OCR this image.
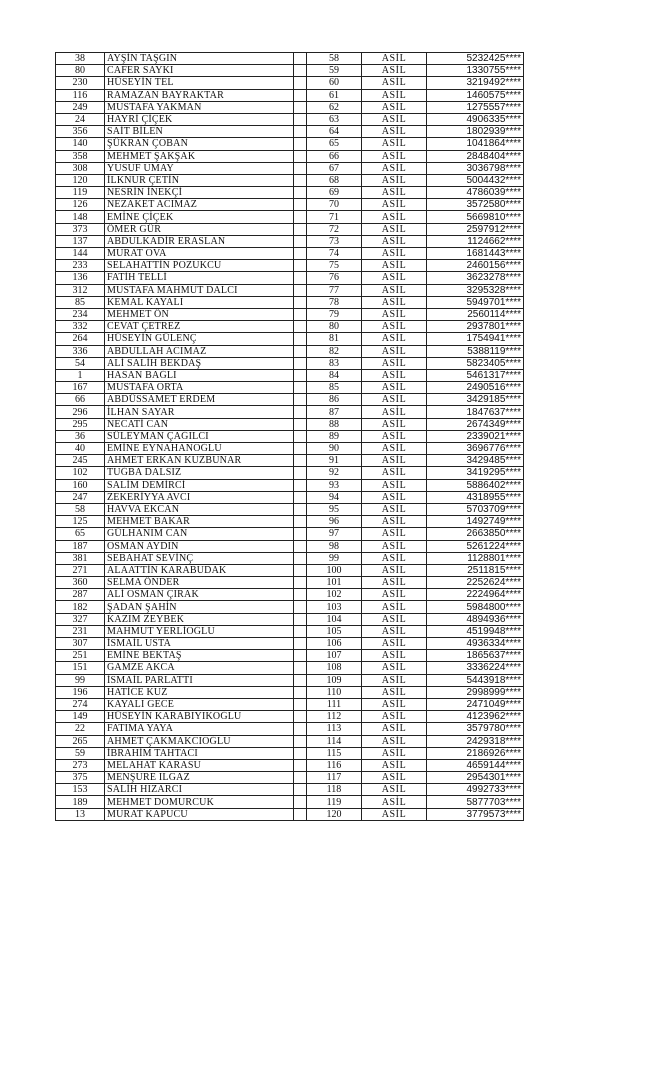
38	AYŞİN TAŞGIN		58	ASİL	5232425****
80	CAFER SAYKI		59	ASİL	1330755****
230	HÜSEYİN TEL		60	ASİL	3219492****
116	RAMAZAN BAYRAKTAR		61	ASİL	1460575****
249	MUSTAFA YAKMAN		62	ASİL	1275557****
24	HAYRİ ÇİÇEK		63	ASİL	4906335****
356	SAİT BİLEN		64	ASİL	1802939****
140	ŞÜKRAN ÇOBAN		65	ASİL	1041864****
358	MEHMET ŞAKŞAK		66	ASİL	2848404****
308	YUSUF UMAY		67	ASİL	3036798****
120	İLKNUR ÇETİN		68	ASİL	5004432****
119	NESRİN İNEKÇİ		69	ASİL	4786039****
126	NEZAKET ACIMAZ		70	ASİL	3572580****
148	EMİNE ÇİÇEK		71	ASİL	5669810****
373	ÖMER GÜR		72	ASİL	2597912****
137	ABDULKADİR ERASLAN		73	ASİL	1124662****
144	MURAT OVA		74	ASİL	1681443****
233	SELAHATTİN POZUKCU		75	ASİL	2460156****
136	FATİH TELLİ		76	ASİL	3623278****
312	MUSTAFA MAHMUT DALCI		77	ASİL	3295328****
85	KEMAL KAYALI		78	ASİL	5949701****
234	MEHMET ÖN		79	ASİL	2560114****
332	CEVAT ÇETREZ		80	ASİL	2937801****
264	HÜSEYİN GÜLENÇ		81	ASİL	1754941****
336	ABDULLAH ACIMAZ		82	ASİL	5388119****
54	ALİ SALİH BEKDAŞ		83	ASİL	5823405****
1	HASAN BAĞLI		84	ASİL	5461317****
167	MUSTAFA ORTA		85	ASİL	2490516****
66	ABDÜSSAMET ERDEM		86	ASİL	3429185****
296	İLHAN SAYAR		87	ASİL	1847637****
295	NECATİ CAN		88	ASİL	2674349****
36	SÜLEYMAN ÇAĞILCI		89	ASİL	2339021****
40	EMİNE EYNAHANOĞLU		90	ASİL	3696776****
245	AHMET ERKAN KUZBUNAR		91	ASİL	3429485****
102	TUĞBA DALSIZ		92	ASİL	3419295****
160	SALİM DEMİRCİ		93	ASİL	5886402****
247	ZEKERİYYA AVCI		94	ASİL	4318955****
58	HAVVA EKCAN		95	ASİL	5703709****
125	MEHMET BAKAR		96	ASİL	1492749****
65	GÜLHANIM CAN		97	ASİL	2663850****
187	OSMAN AYDIN		98	ASİL	5261224****
381	SEBAHAT SEVİNÇ		99	ASİL	1128801****
271	ALAATTİN KARABUDAK		100	ASİL	2511815****
360	SELMA ÖNDER		101	ASİL	2252624****
287	ALİ OSMAN ÇIRAK		102	ASİL	2224964****
182	ŞADAN ŞAHİN		103	ASİL	5984800****
327	KAZIM ZEYBEK		104	ASİL	4894936****
231	MAHMUT YERLİOĞLU		105	ASİL	4519948****
307	İSMAİL USTA		106	ASİL	4936334****
251	EMİNE BEKTAŞ		107	ASİL	1865637****
151	GAMZE AKCA		108	ASİL	3336224****
99	İSMAİL PARLATTI		109	ASİL	5443918****
196	HATİCE KUZ		110	ASİL	2998999****
274	KAYALI GECE		111	ASİL	2471049****
149	HÜSEYİN KARABIYIKOĞLU		112	ASİL	4123962****
22	FATIMA YAYA		113	ASİL	3579780****
265	AHMET ÇAKMAKCIOĞLU		114	ASİL	2429318****
59	İBRAHİM TAHTACI		115	ASİL	2186926****
273	MELAHAT KARASU		116	ASİL	4659144****
375	MENŞURE ILGAZ		117	ASİL	2954301****
153	SALİH HIZARCI		118	ASİL	4992733****
189	MEHMET DOMURCUK		119	ASİL	5877703****
13	MURAT KAPUCU		120	ASİL	3779573****
